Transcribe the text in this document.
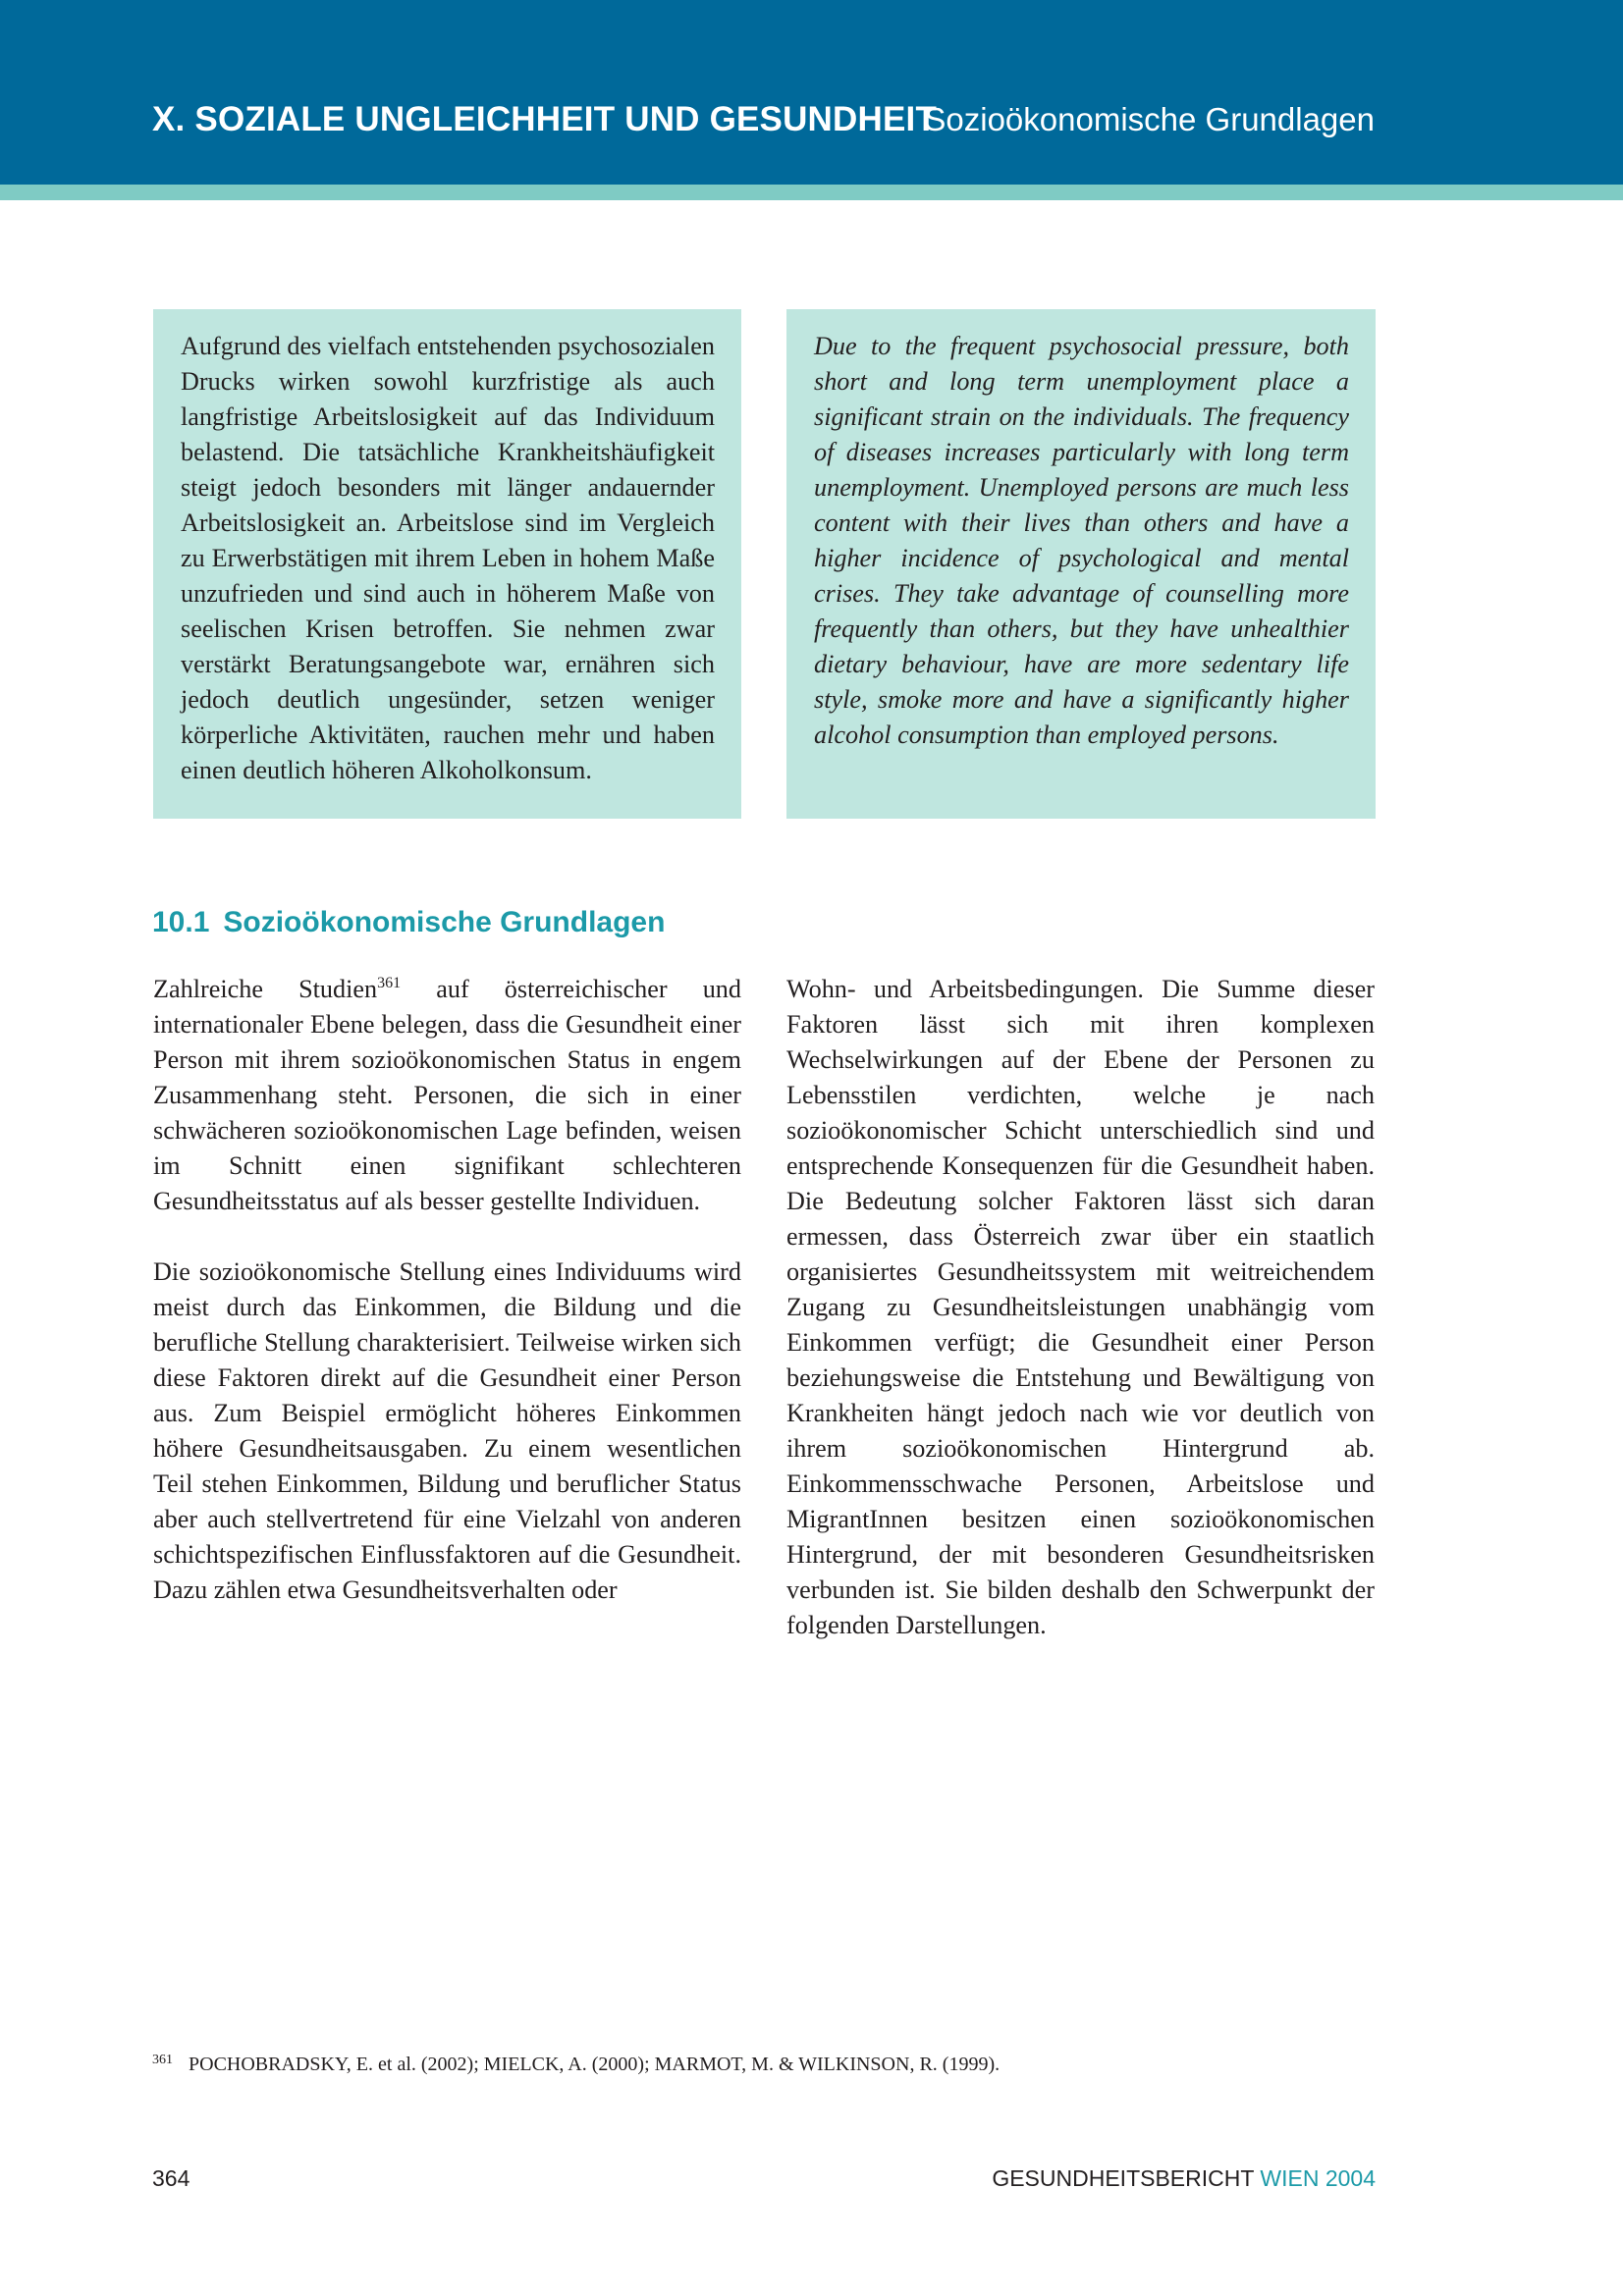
X. SOZIALE UNGLEICHHEIT UND GESUNDHEIT
Sozioökonomische Grundlagen
Aufgrund des vielfach entstehenden psychosozialen Drucks wirken sowohl kurzfristige als auch langfristige Arbeitslosigkeit auf das Individuum belastend. Die tatsächliche Krankheitshäufigkeit steigt jedoch besonders mit länger andauernder Arbeitslosigkeit an. Arbeitslose sind im Vergleich zu Erwerbstätigen mit ihrem Leben in hohem Maße unzufrieden und sind auch in höherem Maße von seelischen Krisen betroffen. Sie nehmen zwar verstärkt Beratungsangebote war, ernähren sich jedoch deutlich ungesünder, setzen weniger körperliche Aktivitäten, rauchen mehr und haben einen deutlich höheren Alkoholkonsum.
Due to the frequent psychosocial pressure, both short and long term unemployment place a significant strain on the individuals. The frequency of diseases increases particularly with long term unemployment. Unemployed persons are much less content with their lives than others and have a higher incidence of psychological and mental crises. They take advantage of counselling more frequently than others, but they have unhealthier dietary behaviour, have are more sedentary life style, smoke more and have a significantly higher alcohol consumption than employed persons.
10.1 Sozioökonomische Grundlagen

Zahlreiche Studien$^{361}$ auf österreichischer und internationaler Ebene belegen, dass die Gesundheit einer Person mit ihrem sozioökonomischen Status in engem Zusammenhang steht. Personen, die sich in einer schwächeren sozioökonomischen Lage befinden, weisen im Schnitt einen signifikant schlechteren Gesundheitsstatus auf als besser gestellte Individuen.

Die sozioökonomische Stellung eines Individuums wird meist durch das Einkommen, die Bildung und die berufliche Stellung charakterisiert. Teilweise wirken sich diese Faktoren direkt auf die Gesundheit einer Person aus. Zum Beispiel ermöglicht höheres Einkommen höhere Gesundheitsausgaben. Zu einem wesentlichen Teil stehen Einkommen, Bildung und beruflicher Status aber auch stellvertretend für eine Vielzahl von anderen schichtspezifischen Einflussfaktoren auf die Gesundheit. Dazu zählen etwa Gesundheitsverhalten oder

Wohn- und Arbeitsbedingungen. Die Summe dieser Faktoren lässt sich mit ihren komplexen Wechselwirkungen auf der Ebene der Personen zu Lebensstilen verdichten, welche je nach sozioökonomischer Schicht unterschiedlich sind und entsprechende Konsequenzen für die Gesundheit haben. Die Bedeutung solcher Faktoren lässt sich daran ermessen, dass Österreich zwar über ein staatlich organisiertes Gesundheitssystem mit weitreichendem Zugang zu Gesundheitsleistungen unabhängig vom Einkommen verfügt; die Gesundheit einer Person beziehungsweise die Entstehung und Bewältigung von Krankheiten hängt jedoch nach wie vor deutlich von ihrem sozioökonomischen Hintergrund ab. Einkommensschwache Personen, Arbeitslose und MigrantInnen besitzen einen sozioökonomischen Hintergrund, der mit besonderen Gesundheitsrisken verbunden ist. Sie bilden deshalb den Schwerpunkt der folgenden Darstellungen.

$^{361}$ POCHOBRADSKY, E. et al. (2002); MIELCK, A. (2000); MARMOT, M. & WILKINSON, R. (1999).
364	GESUNDHEITSBERICHT WIEN 2004
